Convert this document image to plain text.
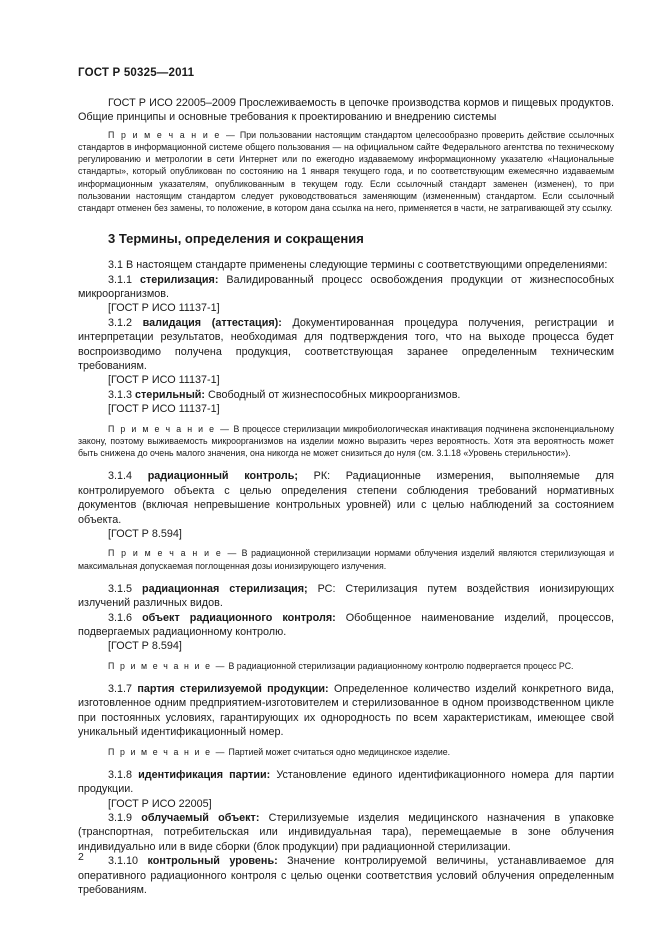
ГОСТ Р 50325—2011

ГОСТ Р ИСО 22005–2009 Прослеживаемость в цепочке производства кормов и пищевых продуктов. Общие принципы и основные требования к проектированию и внедрению системы

П р и м е ч а н и е — При пользовании настоящим стандартом целесообразно проверить действие ссылочных стандартов в информационной системе общего пользования — на официальном сайте Федерального агентства по техническому регулированию и метрологии в сети Интернет или по ежегодно издаваемому информационному указателю «Национальные стандарты», который опубликован по состоянию на 1 января текущего года, и по соответствующим ежемесячно издаваемым информационным указателям, опубликованным в текущем году. Если ссылочный стандарт заменен (изменен), то при пользовании настоящим стандартом следует руководствоваться заменяющим (измененным) стандартом. Если ссылочный стандарт отменен без замены, то положение, в котором дана ссылка на него, применяется в части, не затрагивающей эту ссылку.

3 Термины, определения и сокращения

3.1 В настоящем стандарте применены следующие термины с соответствующими определениями:

3.1.1 стерилизация: Валидированный процесс освобождения продукции от жизнеспособных микроорганизмов.

[ГОСТ Р ИСО 11137-1]

3.1.2 валидация (аттестация): Документированная процедура получения, регистрации и интерпретации результатов, необходимая для подтверждения того, что на выходе процесса будет воспроизводимо получена продукция, соответствующая заранее определенным техническим требованиям.

[ГОСТ Р ИСО 11137-1]

3.1.3 стерильный: Свободный от жизнеспособных микроорганизмов.

[ГОСТ Р ИСО 11137-1]

П р и м е ч а н и е — В процессе стерилизации микробиологическая инактивация подчинена экспоненциальному закону, поэтому выживаемость микроорганизмов на изделии можно выразить через вероятность. Хотя эта вероятность может быть снижена до очень малого значения, она никогда не может снизиться до нуля (см. 3.1.18 «Уровень стерильности»).

3.1.4 радиационный контроль; РК: Радиационные измерения, выполняемые для контролируемого объекта с целью определения степени соблюдения требований нормативных документов (включая непревышение контрольных уровней) или с целью наблюдений за состоянием объекта.

[ГОСТ Р 8.594]

П р и м е ч а н и е — В радиационной стерилизации нормами облучения изделий являются стерилизующая и максимальная допускаемая поглощенная дозы ионизирующего излучения.

3.1.5 радиационная стерилизация; РС: Стерилизация путем воздействия ионизирующих излучений различных видов.

3.1.6 объект радиационного контроля: Обобщенное наименование изделий, процессов, подвергаемых радиационному контролю.

[ГОСТ Р 8.594]

П р и м е ч а н и е — В радиационной стерилизации радиационному контролю подвергается процесс РС.

3.1.7 партия стерилизуемой продукции: Определенное количество изделий конкретного вида, изготовленное одним предприятием-изготовителем и стерилизованное в одном производственном цикле при постоянных условиях, гарантирующих их однородность по всем характеристикам, имеющее свой уникальный идентификационный номер.

П р и м е ч а н и е — Партией может считаться одно медицинское изделие.

3.1.8 идентификация партии: Установление единого идентификационного номера для партии продукции.

[ГОСТ Р ИСО 22005]

3.1.9 облучаемый объект: Стерилизуемые изделия медицинского назначения в упаковке (транспортная, потребительская или индивидуальная тара), перемещаемые в зоне облучения индивидуально или в виде сборки (блок продукции) при радиационной стерилизации.

3.1.10 контрольный уровень: Значение контролируемой величины, устанавливаемое для оперативного радиационного контроля с целью оценки соответствия условий облучения определенным требованиям.

2
